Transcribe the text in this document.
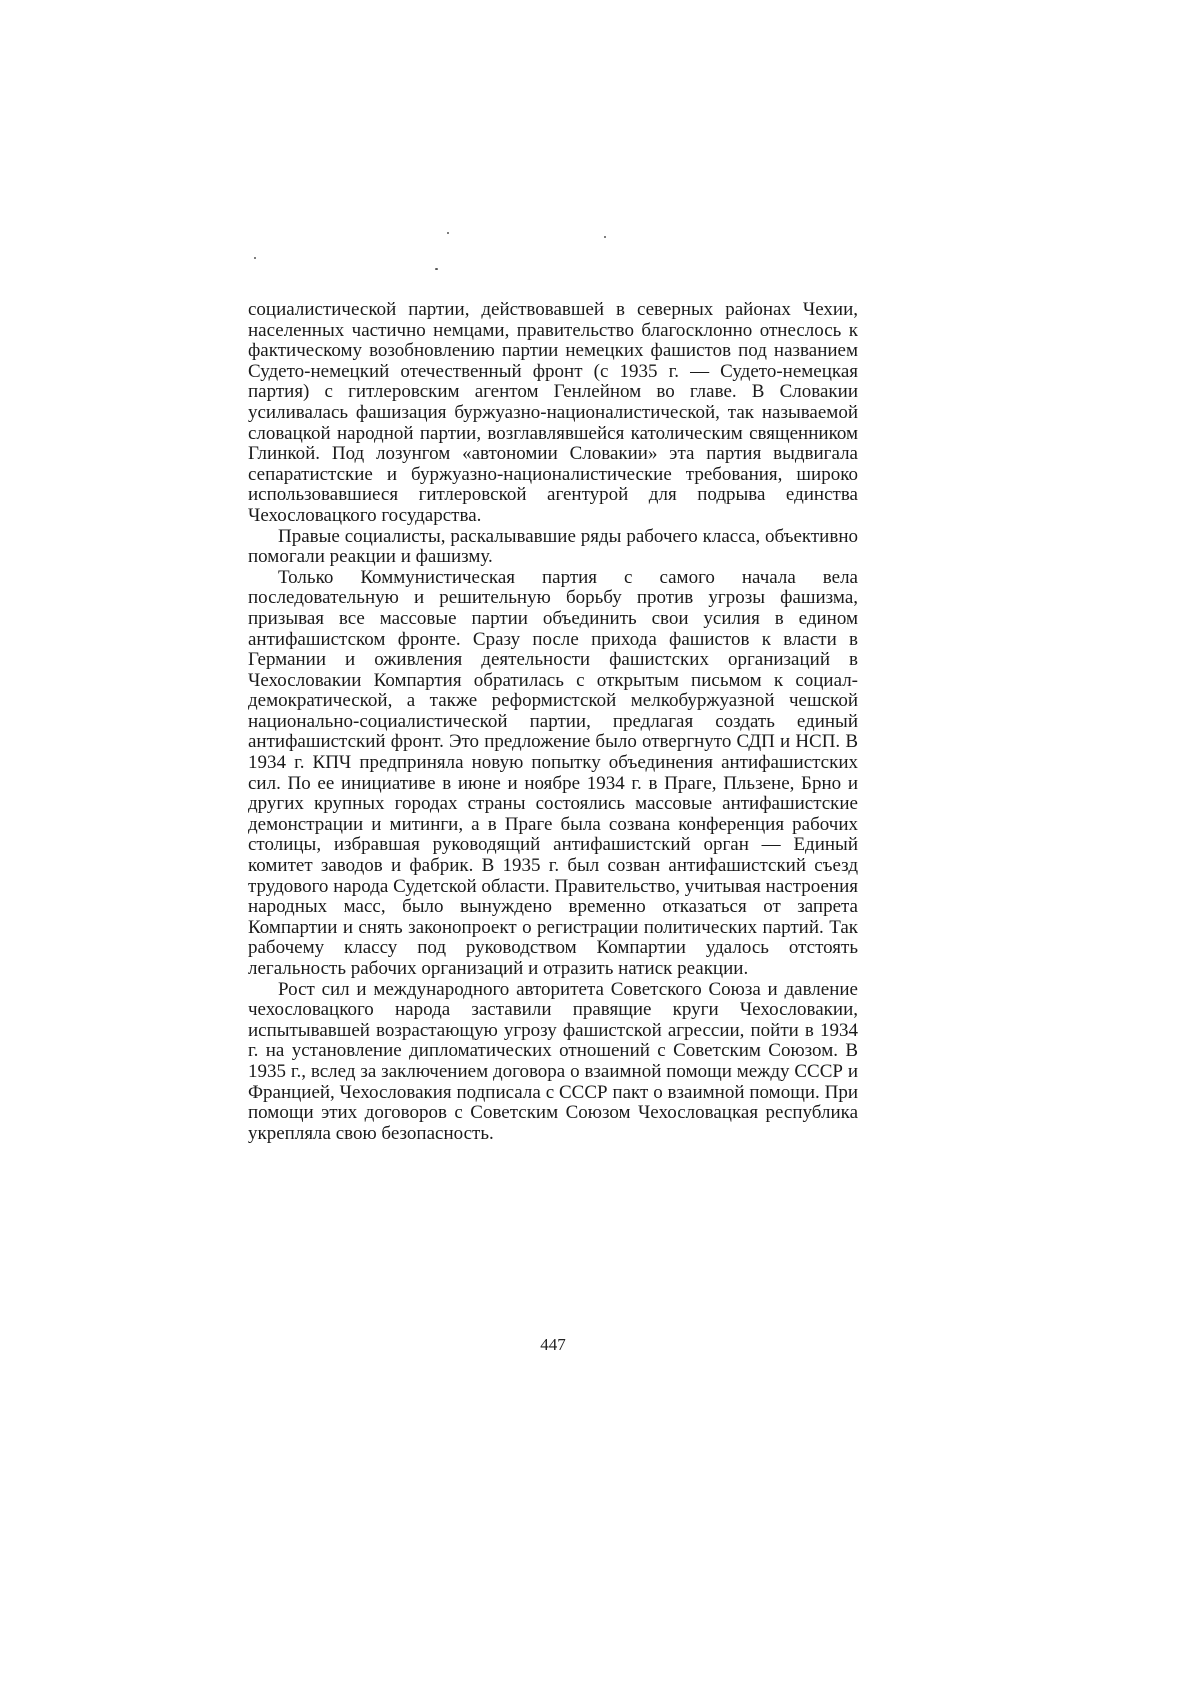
социалистической партии, действовавшей в северных районах Чехии, населенных частично немцами, правительство благосклонно отнеслось к фактическому возобновлению партии немецких фашистов под названием Судето-немецкий отечественный фронт (с 1935 г. — Судето-немецкая партия) с гитлеровским агентом Генлейном во главе. В Словакии усиливалась фашизация буржуазно-националистической, так называемой словацкой народной партии, возглавлявшейся католическим священником Глинкой. Под лозунгом «автономии Словакии» эта партия выдвигала сепаратистские и буржуазно-националистические требования, широко использовавшиеся гитлеровской агентурой для подрыва единства Чехословацкого государства.

Правые социалисты, раскалывавшие ряды рабочего класса, объективно помогали реакции и фашизму.

Только Коммунистическая партия с самого начала вела последовательную и решительную борьбу против угрозы фашизма, призывая все массовые партии объединить свои усилия в едином антифашистском фронте. Сразу после прихода фашистов к власти в Германии и оживления деятельности фашистских организаций в Чехословакии Компартия обратилась с открытым письмом к социал-демократической, а также реформистской мелкобуржуазной чешской национально-социалистической партии, предлагая создать единый антифашистский фронт. Это предложение было отвергнуто СДП и НСП. В 1934 г. КПЧ предприняла новую попытку объединения антифашистских сил. По ее инициативе в июне и ноябре 1934 г. в Праге, Пльзене, Брно и других крупных городах страны состоялись массовые антифашистские демонстрации и митинги, а в Праге была созвана конференция рабочих столицы, избравшая руководящий антифашистский орган — Единый комитет заводов и фабрик. В 1935 г. был созван антифашистский съезд трудового народа Судетской области. Правительство, учитывая настроения народных масс, было вынуждено временно отказаться от запрета Компартии и снять законопроект о регистрации политических партий. Так рабочему классу под руководством Компартии удалось отстоять легальность рабочих организаций и отразить натиск реакции.

Рост сил и международного авторитета Советского Союза и давление чехословацкого народа заставили правящие круги Чехословакии, испытывавшей возрастающую угрозу фашистской агрессии, пойти в 1934 г. на установление дипломатических отношений с Советским Союзом. В 1935 г., вслед за заключением договора о взаимной помощи между СССР и Францией, Чехословакия подписала с СССР пакт о взаимной помощи. При помощи этих договоров с Советским Союзом Чехословацкая республика укрепляла свою безопасность.

447
